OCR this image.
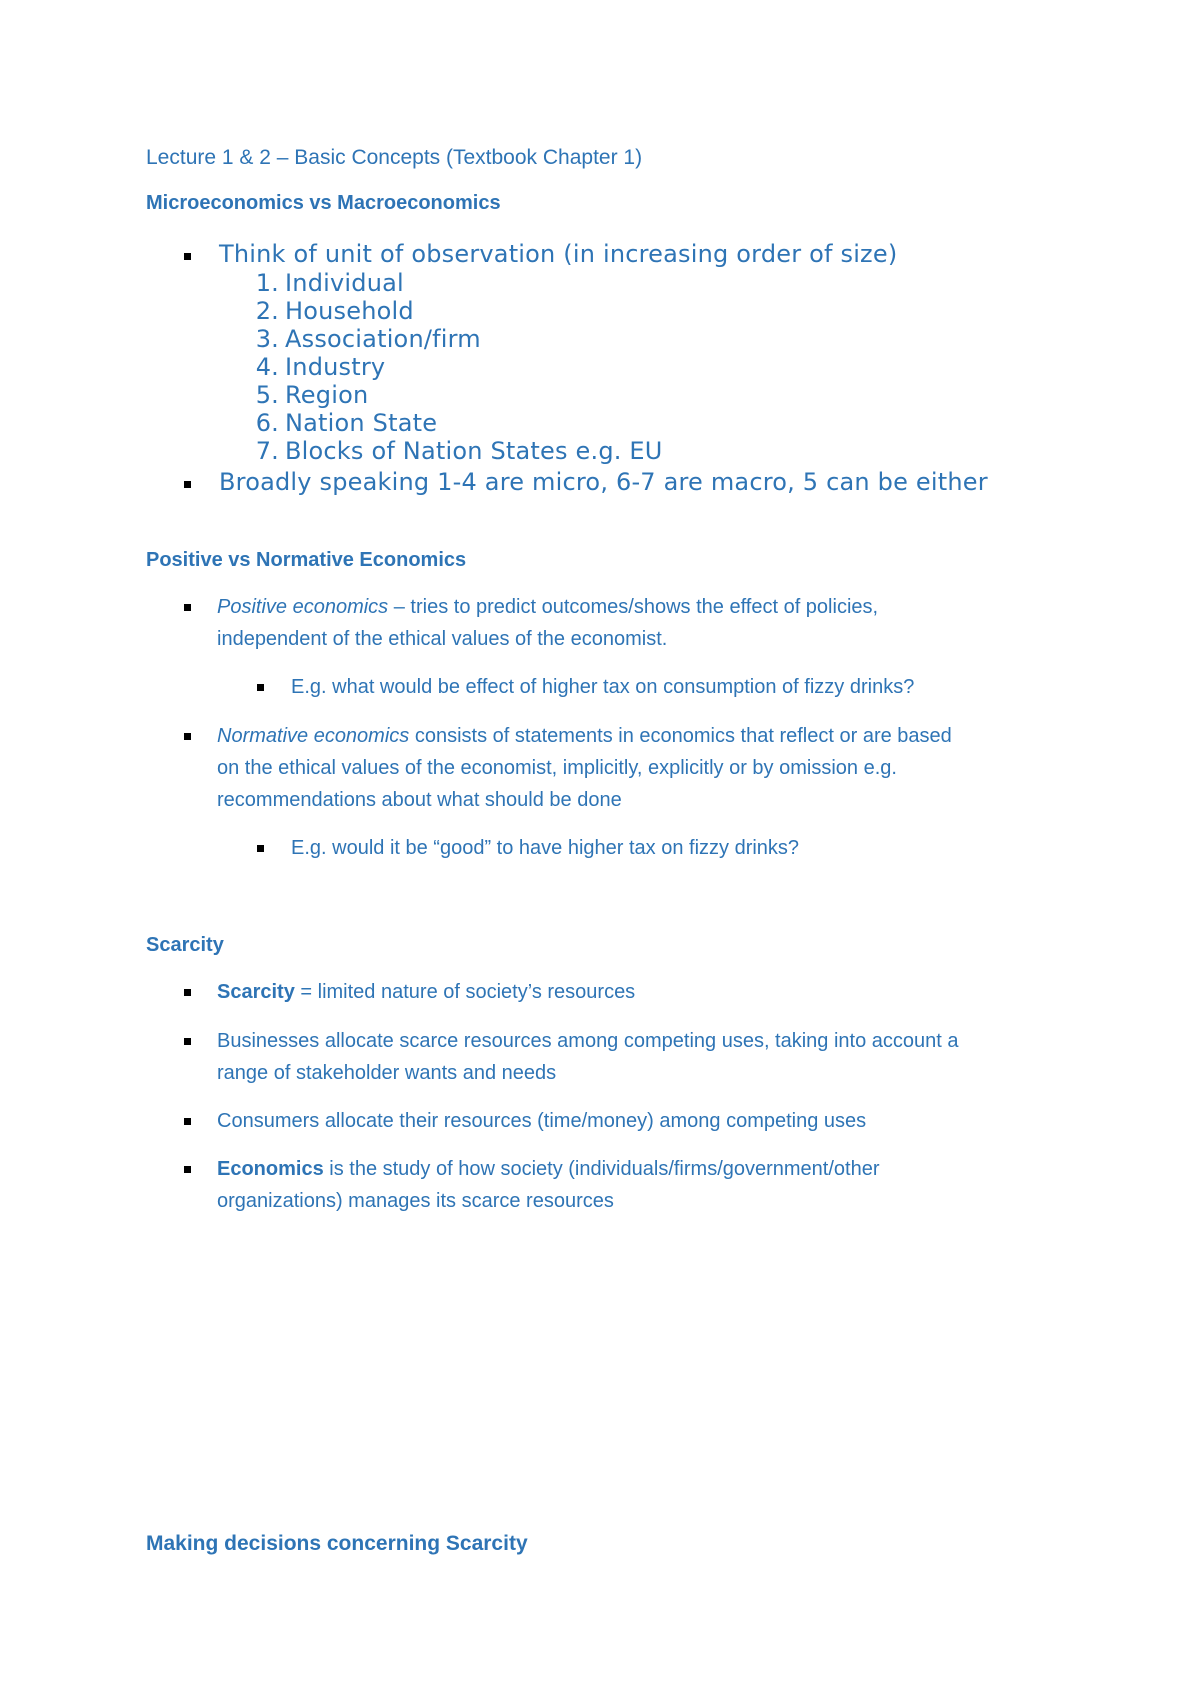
Lecture 1 & 2 – Basic Concepts (Textbook Chapter 1)
Microeconomics vs Macroeconomics
Think of unit of observation (in increasing order of size)
1. Individual
2. Household
3. Association/firm
4. Industry
5. Region
6. Nation State
7. Blocks of Nation States e.g. EU
Broadly speaking 1-4 are micro, 6-7 are macro, 5 can be either
Positive vs Normative Economics
Positive economics – tries to predict outcomes/shows the effect of policies,
independent of the ethical values of the economist.
E.g. what would be effect of higher tax on consumption of fizzy drinks?
Normative economics consists of statements in economics that reflect or are based
on the ethical values of the economist, implicitly, explicitly or by omission e.g.
recommendations about what should be done
E.g. would it be “good” to have higher tax on fizzy drinks?
Scarcity
Scarcity = limited nature of society’s resources
Businesses allocate scarce resources among competing uses, taking into account a
range of stakeholder wants and needs
Consumers allocate their resources (time/money) among competing uses
Economics is the study of how society (individuals/firms/government/other
organizations) manages its scarce resources
Making decisions concerning Scarcity
